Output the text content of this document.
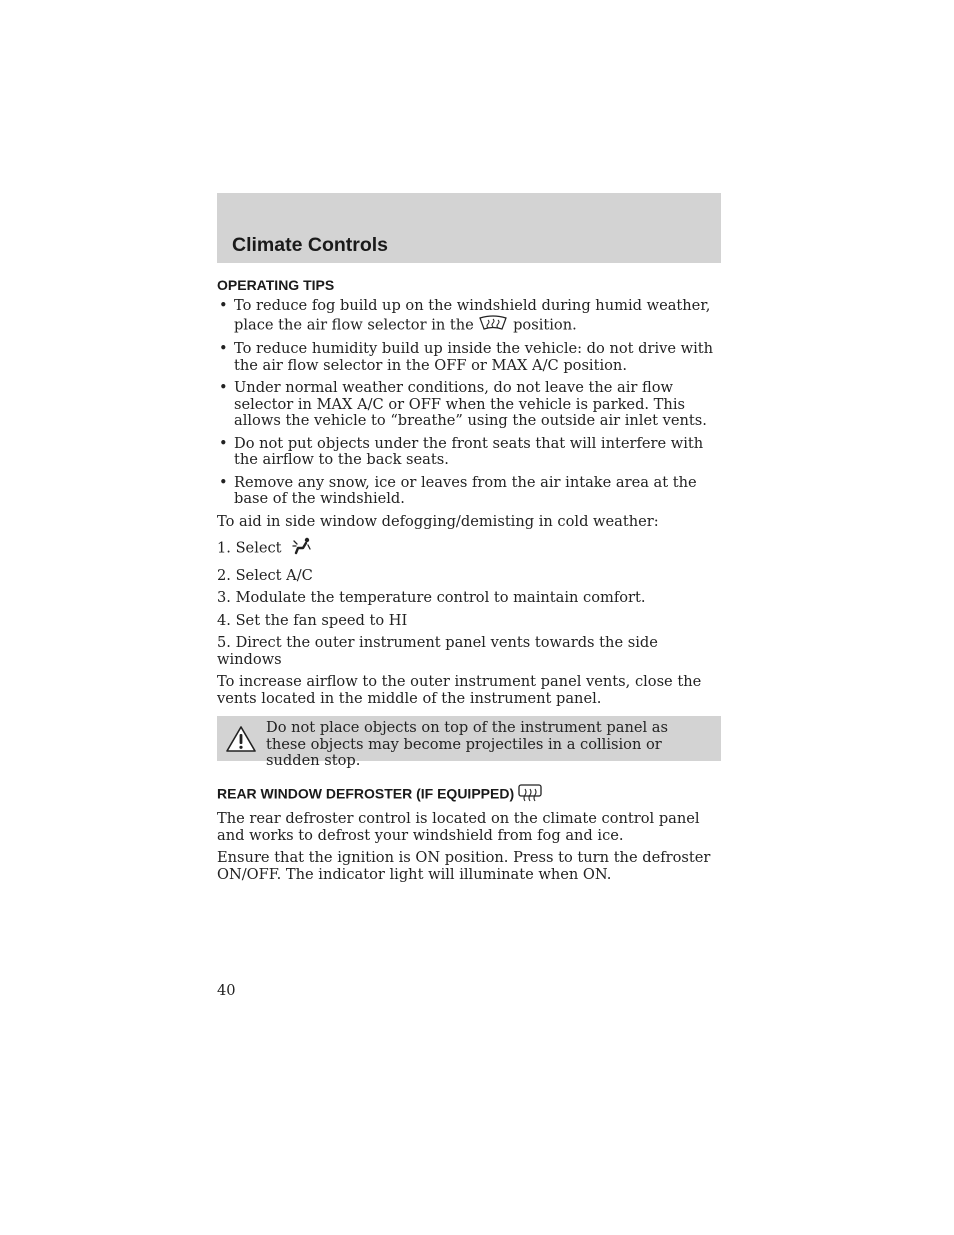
Climate Controls
OPERATING TIPS
• To reduce fog build up on the windshield during humid weather, place the air flow selector in the	position.
• To reduce humidity build up inside the vehicle: do not drive with the air flow selector in the OFF or MAX A/C position.
• Under normal weather conditions, do not leave the air flow selector in MAX A/C or OFF when the vehicle is parked. This allows the vehicle to “breathe” using the outside air inlet vents.
• Do not put objects under the front seats that will interfere with the airflow to the back seats.
• Remove any snow, ice or leaves from the air intake area at the base of the windshield.

To aid in side window defogging/demisting in cold weather:

1. Select
2. Select A/C
3. Modulate the temperature control to maintain comfort.
4. Set the fan speed to HI
5. Direct the outer instrument panel vents towards the side windows

To increase airflow to the outer instrument panel vents, close the vents located in the middle of the instrument panel.

Do not place objects on top of the instrument panel as these objects may become projectiles in a collision or sudden stop.

REAR WINDOW DEFROSTER (IF EQUIPPED)

The rear defroster control is located on the climate control panel and works to defrost your windshield from fog and ice.

Ensure that the ignition is ON position. Press to turn the defroster ON/OFF. The indicator light will illuminate when ON.

40
